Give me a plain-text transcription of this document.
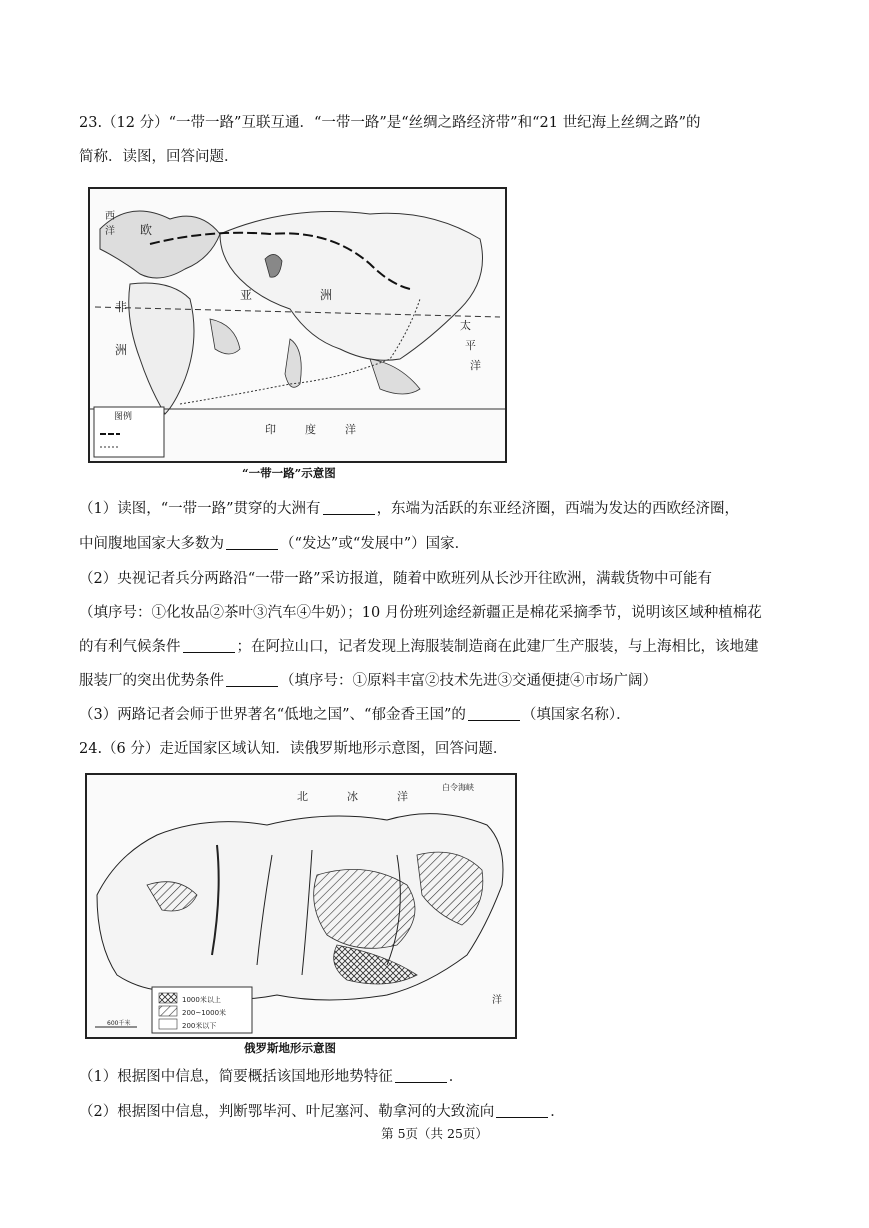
23.（12 分）“一带一路”互联互通．“一带一路”是“丝绸之路经济带”和“21 世纪海上丝绸之路”的
简称．读图，回答问题．
亚	洲
欧
西
洋
非
洲
太
平
洋
印	度	洋
图例
“一带一路”示意图
（1）读图，“一带一路”贯穿的大洲有	，东端为活跃的东亚经济圈，西端为发达的西欧经济圈，
中间腹地国家大多数为	（“发达”或“发展中”）国家．
（2）央视记者兵分两路沿“一带一路”采访报道，随着中欧班列从长沙开往欧洲，满载货物中可能有
（填序号：①化妆品②茶叶③汽车④牛奶）；10 月份班列途经新疆正是棉花采摘季节，说明该区域种植棉花
的有利气候条件	；在阿拉山口，记者发现上海服装制造商在此建厂生产服装，与上海相比，该地建
服装厂的突出优势条件	（填序号：①原料丰富②技术先进③交通便捷④市场广阔）
（3）两路记者会师于世界著名“低地之国”、“郁金香王国”的	（填国家名称）．
24.（6 分）走近国家区域认知．读俄罗斯地形示意图，回答问题．
北	冰	洋
白令海峡
洋
1000米以上
200~1000米
200米以下
600千米
俄罗斯地形示意图
（1）根据图中信息，简要概括该国地形地势特征	．
（2）根据图中信息，判断鄂毕河、叶尼塞河、勒拿河的大致流向	．
第 5页（共 25页）
